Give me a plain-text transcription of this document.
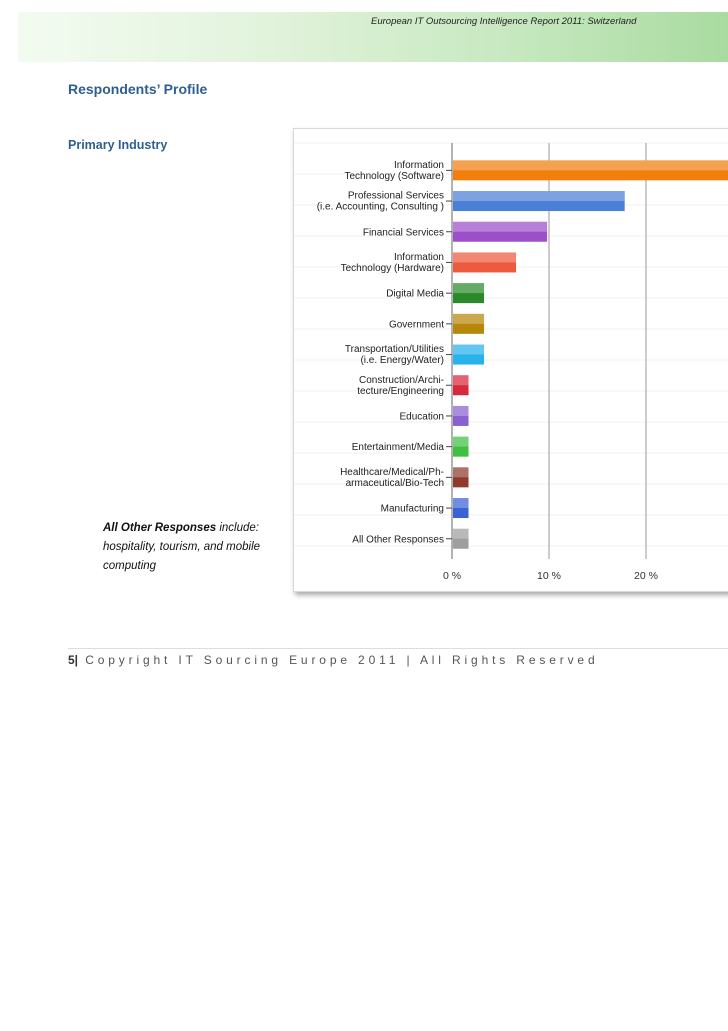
European IT Outsourcing Intelligence Report 2011: Switzerland
Respondents’ Profile
Primary Industry
0 %	10 %	20 %
Information Technology (Software)
Professional Services (i.e. Accounting, Consulting )
Financial Services
Information Technology (Hardware)
Digital Media
Government
Transportation/Utilities (i.e. Energy/Water)
Construction/Archi-tecture/Engineering
Education
Entertainment/Media
Healthcare/Medical/Ph-armaceutical/Bio-Tech
Manufacturing
All Other Responses
All Other Responses include: hospitality, tourism, and mobile computing
5| Copyright IT Sourcing Europe 2011 | All Rights Reserved
